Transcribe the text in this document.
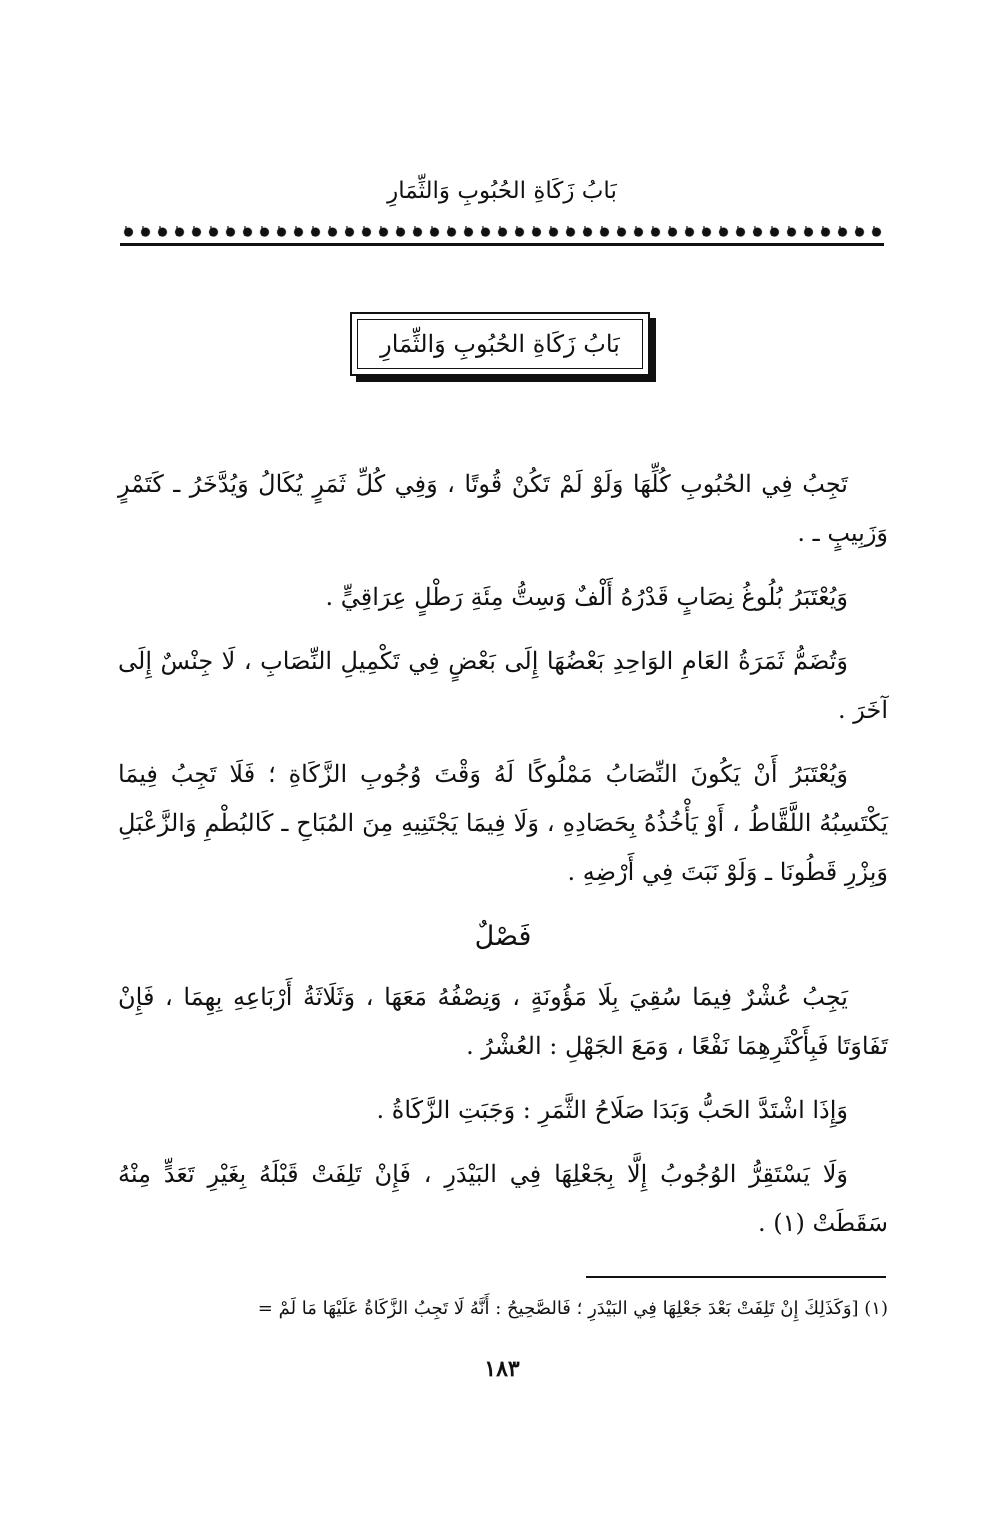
بَابُ زَكَاةِ الحُبُوبِ وَالثِّمَارِ
بَابُ زَكَاةِ الحُبُوبِ وَالثِّمَارِ

تَجِبُ فِي الحُبُوبِ كُلِّهَا وَلَوْ لَمْ تَكُنْ قُوتًا ، وَفِي كُلِّ ثَمَرٍ يُكَالُ وَيُدَّخَرُ ـ كَتَمْرٍ وَزَبِيبٍ ـ .

وَيُعْتَبَرُ بُلُوغُ نِصَابٍ قَدْرُهُ أَلْفٌ وَسِتُّ مِئَةِ رَطْلٍ عِرَاقِيٍّ .

وَتُضَمُّ ثَمَرَةُ العَامِ الوَاحِدِ بَعْضُهَا إِلَى بَعْضٍ فِي تَكْمِيلِ النِّصَابِ ، لَا جِنْسٌ إِلَى آخَرَ .

وَيُعْتَبَرُ أَنْ يَكُونَ النِّصَابُ مَمْلُوكًا لَهُ وَقْتَ وُجُوبِ الزَّكَاةِ ؛ فَلَا تَجِبُ فِيمَا يَكْتَسِبُهُ اللَّقَّاطُ ، أَوْ يَأْخُذُهُ بِحَصَادِهِ ، وَلَا فِيمَا يَجْتَنِيهِ مِنَ المُبَاحِ ـ كَالبُطْمِ وَالزَّعْبَلِ وَبِزْرِ قَطُونَا ـ وَلَوْ نَبَتَ فِي أَرْضِهِ .

فَصْلٌ

يَجِبُ عُشْرٌ فِيمَا سُقِيَ بِلَا مَؤُونَةٍ ، وَنِصْفُهُ مَعَهَا ، وَثَلَاثَةُ أَرْبَاعِهِ بِهِمَا ، فَإِنْ تَفَاوَتَا فَبِأَكْثَرِهِمَا نَفْعًا ، وَمَعَ الجَهْلِ : العُشْرُ .

وَإِذَا اشْتَدَّ الحَبُّ وَبَدَا صَلَاحُ الثَّمَرِ : وَجَبَتِ الزَّكَاةُ .

وَلَا يَسْتَقِرُّ الوُجُوبُ إِلَّا بِجَعْلِهَا فِي البَيْدَرِ ، فَإِنْ تَلِفَتْ قَبْلَهُ بِغَيْرِ تَعَدٍّ مِنْهُ سَقَطَتْ (١) .

(١) [وَكَذَلِكَ إِنْ تَلِفَتْ بَعْدَ جَعْلِهَا فِي البَيْدَرِ ؛ فَالصَّحِيحُ : أَنَّهُ لَا تَجِبُ الزَّكَاةُ عَلَيْهَا مَا لَمْ =
١٨٣
